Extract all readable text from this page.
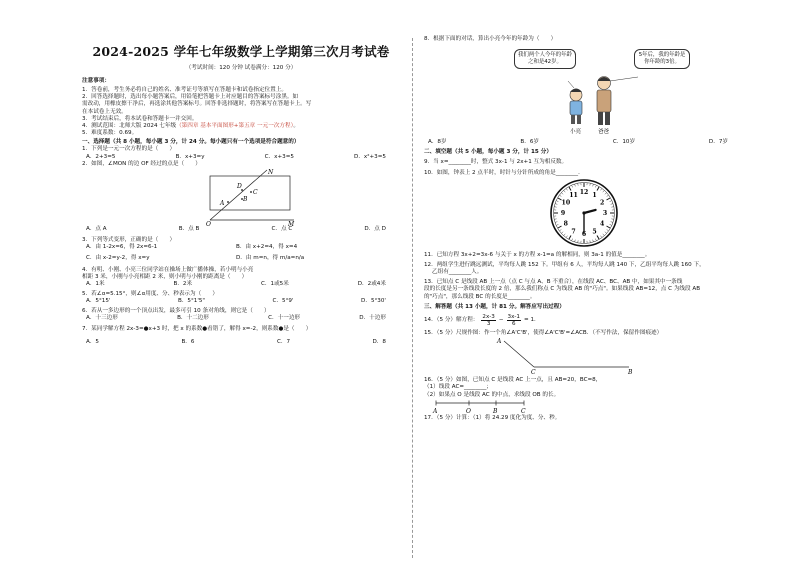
2024-2025 学年七年级数学上学期第三次月考试卷
（考试时间：120 分钟 试卷满分：120 分）

注意事项：

1．答卷前，考生务必将自己的姓名、准考证号等填写在答题卡和试卷指定位置上。

2．回答选择题时，选出每小题答案后，用铅笔把答题卡上对应题目的答案标号涂黑。如

需改动，用橡皮擦干净后，再选涂其他答案标号。回答非选择题时，将答案写在答题卡上。写

在本试卷上无效。

3．考试结束后，将本试卷和答题卡一并交回。

4．测试范围：北师大版 2024 七年级（第四章 基本平面图形+第五章 一元一次方程）。

5．难度系数：0.69。

一、选择题（共 8 小题，每小题 3 分，计 24 分。每小题只有一个选项是符合题意的）

1．下列是一元一次方程的是（　　）

A．2+3=5	B．x+3=y	C．x+3=5	D．x²+3=5

2．如图，∠MON 的边 OF 经过的点是（　　）

N
D
C
B
A
O	M
A．点 A	B．点 B	C．点 C	D．点 D

3．下列等式变形，正确的是（　　）

A．由 1-2x=6，得 2x=6-1	B．由 x+2=4，得 x=4
C．由 x-2=y-2，得 x=y	D．由 m=n，得 m/a=n/a

4．有明、小刚、小亮三位同学站在操场上做广播体操，若小明与小亮

相距 3 米，小刚与小亮相距 2 米，则小明与小刚的距离是（　　）

A．1米	B．2米	C．1或5米	D．2或4米

5．若∠α=5.15°，则∠α用度、分、秒表示为（　　）

A．5°15'	B．5°1'5"	C．5°9'	D．5°30'

6．若从一多边形的一个顶点出发，最多可引 10 条对角线，则它是（　　）

A．十三边形	B．十二边形	C．十一边形	D．十边形

7．某同学解方程 2x-3=●x+3 时，把 x 的系数●看错了，解得 x=-2，则系数●是（　　）

A．5	B．6	C．7	D．8

8．根据下面的对话，算出小亮今年的年龄为（　　）

我们两个人今年的年龄之和是42岁。
5年后，我的年龄是你年龄的3倍。
小亮	爸爸
A．8岁	B．6岁	C．10岁	D．7岁

二、填空题（共 5 小题，每小题 3 分，计 15 分）

9．当 x=________时，整式 3x-1 与 2x+1 互为相反数。

10．如图，钟表上 2 点半时，时针与分针所成的角是________．

12 1
2
3
4
5
6
7
8
9
10
11

11．已知方程 3x+2=3x-6 与关于 x 的方程 x-1=a 的解相同，则 3a-1 的值是________。

12．两组学生进行跳远测试，平均每人跳 152 下。甲组有 6 人，平均每人跳 140 下，乙组平均每人跳 160 下，

乙组有________人。

13．已知点 C 是线段 AB 上一点（点 C 与点 A、B 不重合），在线段 AC、BC、AB 中，如果其中一条线

段的长度是另一条线段长度的 2 倍，那么我们称点 C 为线段 AB 的"巧点"。如果线段 AB=12，点 C 为线段 AB

的"巧点"，那么线段 BC 的长度是________。

三、解答题（共 13 小题，计 81 分。解答应写出过程）

14．（5 分）解方程： $\frac{2x-3}{3} - \frac{3x-1}{6} = 1$．

15．（5 分）尺规作图：作一个角∠A'C'B'，使得∠A'C'B'=∠ACB．（不写作法，保留作图痕迹）

A
C	B

16．（5 分）如图，已知点 C 是线段 AC 上一点，且 AB=20，BC=8，

（1）线段 AC=________；

（2）如果点 O 是线段 AC 的中点，求线段 OB 的长。

A	O	B	C

17．（5 分）计算：（1）将 24.29 度化为度、分、秒。
